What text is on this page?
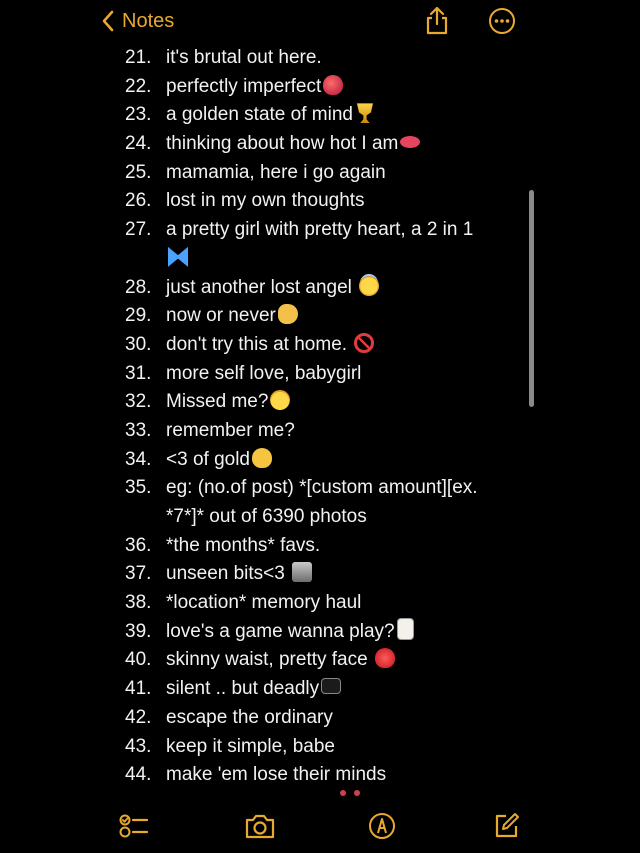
Notes
21. it's brutal out here.
22. perfectly imperfect
23. a golden state of mind
24. thinking about how hot I am
25. mamamia, here i go again
26. lost in my own thoughts
27. a pretty girl with pretty heart, a 2 in 1

28. just another lost angel
29. now or never
30. don't try this at home.
31. more self love, babygirl
32. Missed me?
33. remember me?
34. <3 of gold
35. eg: (no.of post) *[custom amount][ex. *7*]* out of 6390 photos
36. *the months* favs.
37. unseen bits<3
38. *location* memory haul
39. love's a game wanna play?
40. skinny waist, pretty face
41. silent .. but deadly
42. escape the ordinary
43. keep it simple, babe
44. make 'em lose their minds
